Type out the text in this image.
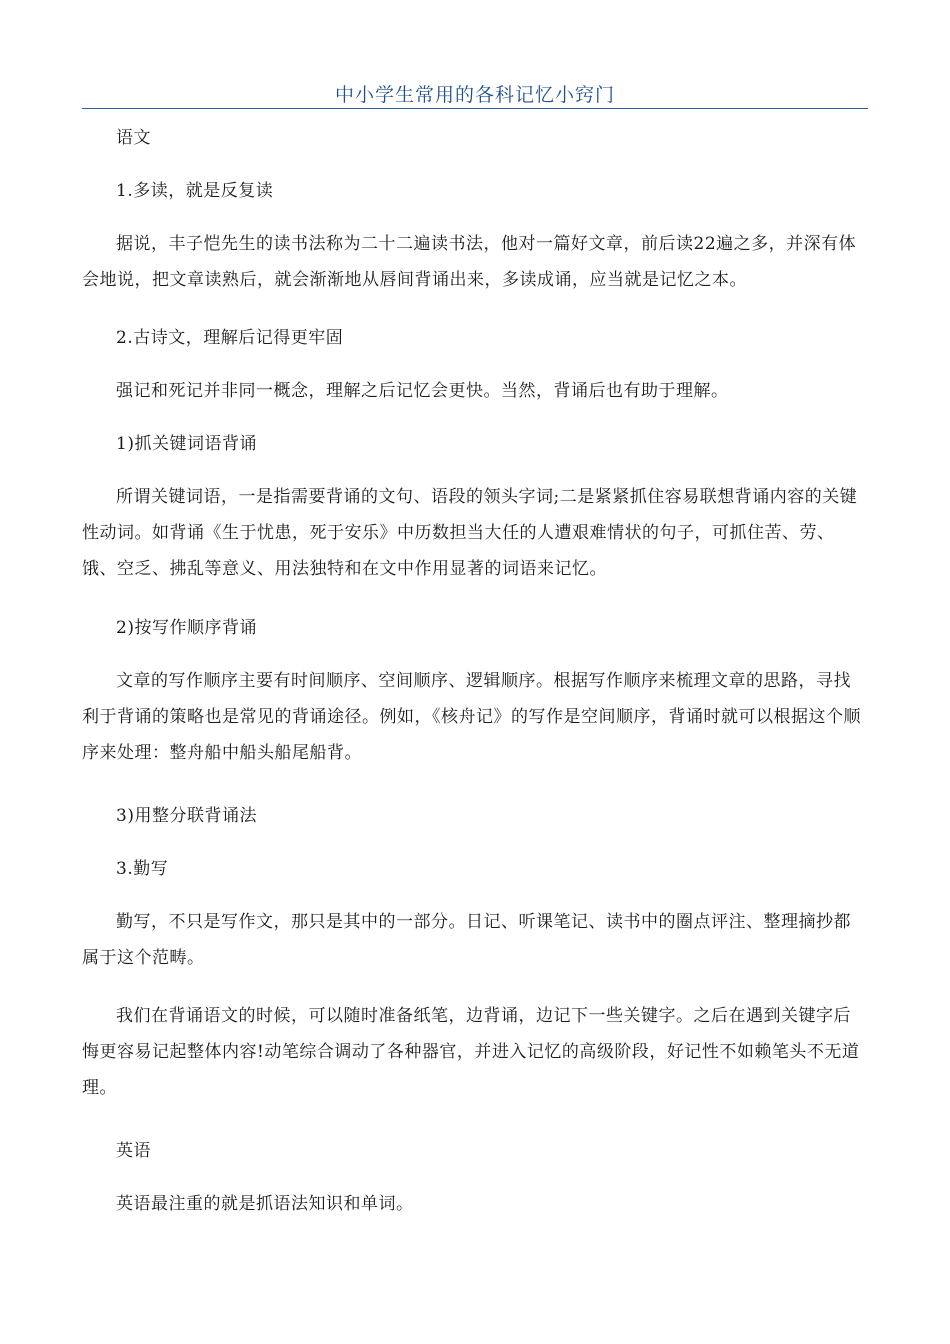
中小学生常用的各科记忆小窍门

语文

1.多读，就是反复读

据说，丰子恺先生的读书法称为二十二遍读书法，他对一篇好文章，前后读22遍之多，并深有体会地说，把文章读熟后，就会渐渐地从唇间背诵出来，多读成诵，应当就是记忆之本。

2.古诗文，理解后记得更牢固

强记和死记并非同一概念，理解之后记忆会更快。当然，背诵后也有助于理解。

1)抓关键词语背诵

所谓关键词语，一是指需要背诵的文句、语段的领头字词;二是紧紧抓住容易联想背诵内容的关键性动词。如背诵《生于忧患，死于安乐》中历数担当大任的人遭艰难情状的句子，可抓住苦、劳、饿、空乏、拂乱等意义、用法独特和在文中作用显著的词语来记忆。

2)按写作顺序背诵

文章的写作顺序主要有时间顺序、空间顺序、逻辑顺序。根据写作顺序来梳理文章的思路，寻找利于背诵的策略也是常见的背诵途径。例如，《核舟记》的写作是空间顺序，背诵时就可以根据这个顺序来处理：整舟船中船头船尾船背。

3)用整分联背诵法

3.勤写

勤写，不只是写作文，那只是其中的一部分。日记、听课笔记、读书中的圈点评注、整理摘抄都属于这个范畴。

我们在背诵语文的时候，可以随时准备纸笔，边背诵，边记下一些关键字。之后在遇到关键字后悔更容易记起整体内容!动笔综合调动了各种器官，并进入记忆的高级阶段，好记性不如赖笔头不无道理。

英语

英语最注重的就是抓语法知识和单词。
